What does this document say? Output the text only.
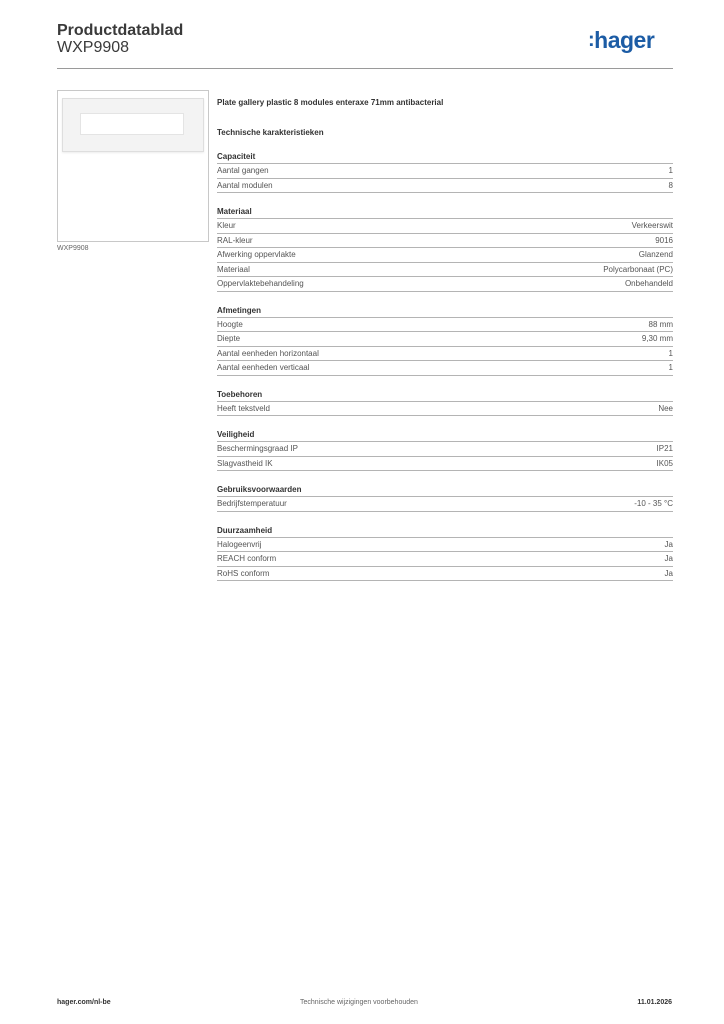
Productdatablad
WXP9908	:hager
WXP9908
Plate gallery plastic 8 modules enteraxe 71mm antibacterial
Technische karakteristieken
Capaciteit
Aantal gangen	1
Aantal modulen	8
Materiaal
Kleur	Verkeerswit
RAL-kleur	9016
Afwerking oppervlakte	Glanzend
Materiaal	Polycarbonaat (PC)
Oppervlaktebehandeling	Onbehandeld
Afmetingen
Hoogte	88 mm
Diepte	9,30 mm
Aantal eenheden horizontaal	1
Aantal eenheden verticaal	1
Toebehoren
Heeft tekstveld	Nee
Veiligheid
Beschermingsgraad IP	IP21
Slagvastheid IK	IK05
Gebruiksvoorwaarden
Bedrijfstemperatuur	-10 - 35 °C
Duurzaamheid
Halogeenvrij	Ja
REACH conform	Ja
RoHS conform	Ja
hager.com/nl-be	Technische wijzigingen voorbehouden	11.01.2026
